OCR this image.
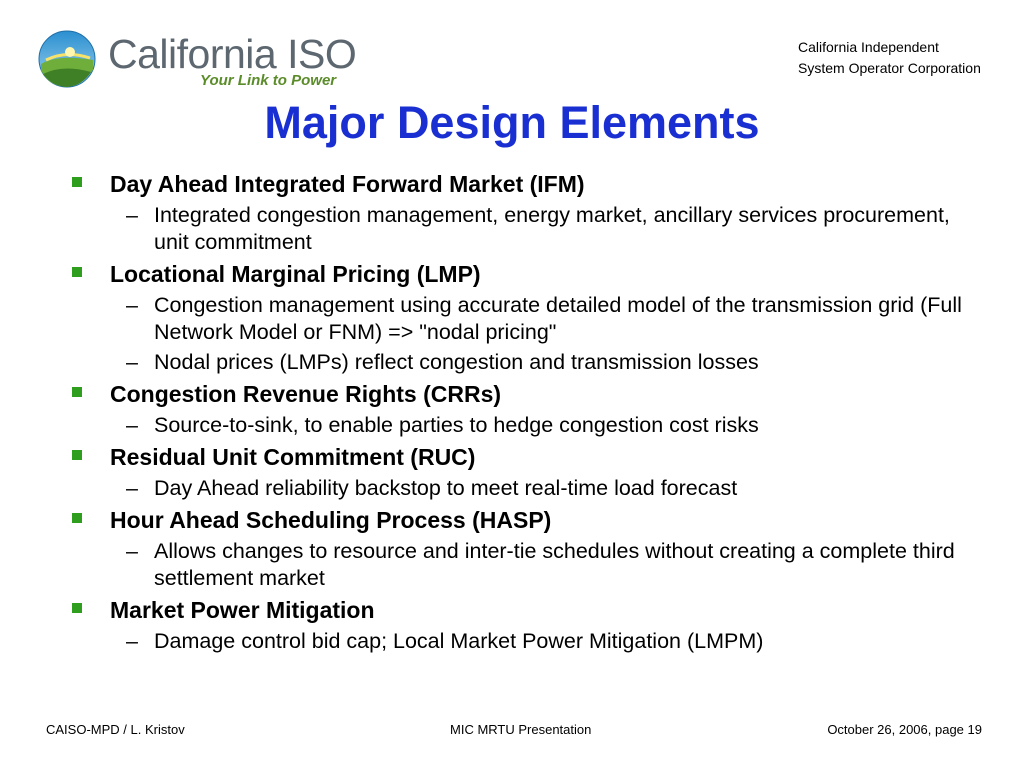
California ISO
Your Link to Power
California Independent
System Operator Corporation
Major Design Elements
Day Ahead Integrated Forward Market (IFM)
– Integrated congestion management, energy market, ancillary services procurement, unit commitment
Locational Marginal Pricing (LMP)
– Congestion management using accurate detailed model of the transmission grid (Full Network Model or FNM) => "nodal pricing"
– Nodal prices (LMPs) reflect congestion and transmission losses
Congestion Revenue Rights (CRRs)
– Source-to-sink, to enable parties to hedge congestion cost risks
Residual Unit Commitment (RUC)
– Day Ahead reliability backstop to meet real-time load forecast
Hour Ahead Scheduling Process (HASP)
– Allows changes to resource and inter-tie schedules without creating a complete third settlement market
Market Power Mitigation
– Damage control bid cap; Local Market Power Mitigation (LMPM)
CAISO-MPD / L. Kristov	MIC MRTU Presentation	October 26, 2006, page 19
